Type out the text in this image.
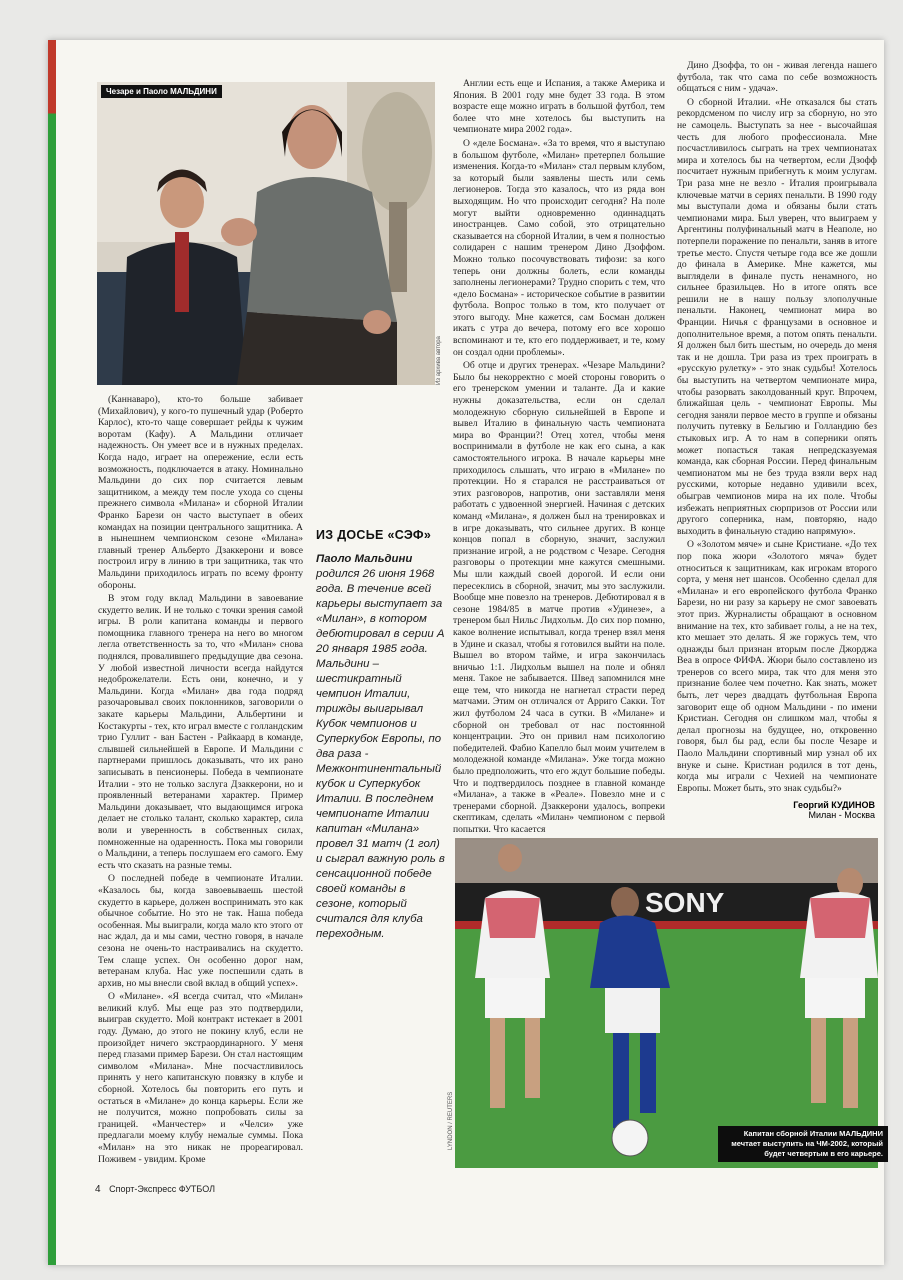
Чезаре и Паоло МАЛЬДИНИ
Из архива автора

(Каннаваро), кто-то больше забивает (Михайлович), у кого-то пушечный удар (Роберто Карлос), кто-то чаще совершает рейды к чужим воротам (Кафу). А Мальдини отличает надежность. Он умеет все и в нужных пределах. Когда надо, играет на опережение, если есть возможность, подключается в атаку. Номинально Мальдини до сих пор считается левым защитником, а между тем после ухода со сцены прежнего символа «Милана» и сборной Италии Франко Барези он часто выступает в обеих командах на позиции центрального защитника. А в нынешнем чемпионском сезоне «Милана» главный тренер Альберто Дзаккерони и вовсе построил игру в линию в три защитника, так что Мальдини приходилось играть по всему фронту обороны.

В этом году вклад Мальдини в завоевание скудетто велик. И не только с точки зрения самой игры. В роли капитана команды и первого помощника главного тренера на него во многом легла ответственность за то, что «Милан» снова поднялся, провалившего предыдущие два сезона. У любой известной личности всегда найдутся недоброжелатели. Есть они, конечно, и у Мальдини. Когда «Милан» два года подряд разочаровывал своих поклонников, заговорили о закате карьеры Мальдини, Альбертини и Костакурты - тех, кто играл вместе с голландским трио Гуллит - ван Бастен - Райкаард в команде, слывшей сильнейшей в Европе. И Мальдини с партнерами пришлось доказывать, что их рано записывать в пенсионеры. Победа в чемпионате Италии - это не только заслуга Дзаккерони, но и проявленный ветеранами характер. Пример Мальдини доказывает, что выдающимся игрока делает не столько талант, сколько характер, сила воли и уверенность в собственных силах, помноженные на одаренность. Пока мы говорили о Мальдини, а теперь послушаем его самого. Ему есть что сказать на разные темы.

О последней победе в чемпионате Италии. «Казалось бы, когда завоевываешь шестой скудетто в карьере, должен воспринимать это как обычное событие. Но это не так. Наша победа особенная. Мы выиграли, когда мало кто этого от нас ждал, да и мы сами, честно говоря, в начале сезона не очень-то настраивались на скудетто. Тем слаще успех. Он особенно дорог нам, ветеранам клуба. Нас уже поспешили сдать в архив, но мы внесли свой вклад в общий успех».

О «Милане». «Я всегда считал, что «Милан» великий клуб. Мы еще раз это подтвердили, выиграв скудетто. Мой контракт истекает в 2001 году. Думаю, до этого не покину клуб, если не произойдет ничего экстраординарного. У меня перед глазами пример Барези. Он стал настоящим символом «Милана». Мне посчастливилось принять у него капитанскую повязку в клубе и сборной. Хотелось бы повторить его путь и остаться в «Милане» до конца карьеры. Если же не получится, можно попробовать силы за границей. «Манчестер» и «Челси» уже предлагали моему клубу немалые суммы. Пока «Милан» на это никак не прореагировал. Поживем - увидим. Кроме

ИЗ ДОСЬЕ «СЭФ»
Паоло Мальдини родился 26 июня 1968 года. В течение всей карьеры выступает за «Милан», в котором дебютировал в серии А 20 января 1985 года. Мальдини – шестикратный чемпион Италии, трижды выигрывал Кубок чемпионов и Суперкубок Европы, по два раза - Межконтинентальный кубок и Суперкубок Италии. В последнем чемпионате Италии капитан «Милана» провел 31 матч (1 гол) и сыграл важную роль в сенсационной победе своей команды в сезоне, который считался для клуба переходным.

Англии есть еще и Испания, а также Америка и Япония. В 2001 году мне будет 33 года. В этом возрасте еще можно играть в большой футбол, тем более что мне хотелось бы выступить на чемпионате мира 2002 года».

О «деле Босмана». «За то время, что я выступаю в большом футболе, «Милан» претерпел большие изменения. Когда-то «Милан» стал первым клубом, за который были заявлены шесть или семь легионеров. Тогда это казалось, что из ряда вон выходящим. Но что происходит сегодня? На поле могут выйти одновременно одиннадцать иностранцев. Само собой, это отрицательно сказывается на сборной Италии, в чем я полностью солидарен с нашим тренером Дино Дзоффом. Можно только посочувствовать тифози: за кого теперь они должны болеть, если команды заполнены легионерами? Трудно спорить с тем, что «дело Босмана» - историческое событие в развитии футбола. Вопрос только в том, кто получает от этого выгоду. Мне кажется, сам Босман должен икать с утра до вечера, потому его все хорошо вспоминают и те, кто его поддерживает, и те, кому он создал одни проблемы».

Об отце и других тренерах. «Чезаре Мальдини? Было бы некорректно с моей стороны говорить о его тренерском умении и таланте. Да и какие нужны доказательства, если он сделал молодежную сборную сильнейшей в Европе и вывел Италию в финальную часть чемпионата мира во Франции?! Отец хотел, чтобы меня воспринимали в футболе не как его сына, а как самостоятельного игрока. В начале карьеры мне приходилось слышать, что играю в «Милане» по протекции. Но я старался не расстраиваться от этих разговоров, напротив, они заставляли меня работать с удвоенной энергией. Начиная с детских команд «Милана», я должен был на тренировках и в игре доказывать, что сильнее других. В конце концов попал в сборную, значит, заслужил признание игрой, а не родством с Чезаре. Сегодня разговоры о протекции мне кажутся смешными. Мы шли каждый своей дорогой. И если они пересеклись в сборной, значит, мы это заслужили. Вообще мне повезло на тренеров. Дебютировал я в сезоне 1984/85 в матче против «Удинезе», а тренером был Нильс Лидхольм. До сих пор помню, какое волнение испытывал, когда тренер взял меня в Удине и сказал, чтобы я готовился выйти на поле. Вышел во втором тайме, и игра закончилась вничью 1:1. Лидхольм вышел на поле и обнял меня. Такое не забывается. Швед запомнился мне еще тем, что никогда не нагнетал страсти перед матчами. Этим он отличался от Арриго Сакки. Тот жил футболом 24 часа в сутки. В «Милане» и сборной он требовал от нас постоянной концентрации. Это он привил нам психологию победителей. Фабио Капелло был моим учителем в молодежной команде «Милана». Уже тогда можно было предположить, что его ждут большие победы. Что и подтвердилось позднее в главной команде «Милана», а также в «Реале». Повезло мне и с тренерами сборной. Дзаккерони удалось, вопреки скептикам, сделать «Милан» чемпионом с первой попытки. Что касается

Дино Дзоффа, то он - живая легенда нашего футбола, так что сама по себе возможность общаться с ним - удача».

О сборной Италии. «Не отказался бы стать рекордсменом по числу игр за сборную, но это не самоцель. Выступать за нее - высочайшая честь для любого профессионала. Мне посчастливилось сыграть на трех чемпионатах мира и хотелось бы на четвертом, если Дзофф посчитает нужным прибегнуть к моим услугам. Три раза мне не везло - Италия проигрывала ключевые матчи в сериях пенальти. В 1990 году мы выступали дома и обязаны были стать чемпионами мира. Был уверен, что выиграем у Аргентины полуфинальный матч в Неаполе, но потерпели поражение по пенальти, заняв в итоге третье место. Спустя четыре года все же дошли до финала в Америке. Мне кажется, мы выглядели в финале пусть ненамного, но сильнее бразильцев. Но в итоге опять все решили не в нашу пользу злополучные пенальти. Наконец, чемпионат мира во Франции. Ничья с французами в основное и дополнительное время, а потом опять пенальти. Я должен был бить шестым, но очередь до меня так и не дошла. Три раза из трех проиграть в «русскую рулетку» - это знак судьбы! Хотелось бы выступить на четвертом чемпионате мира, чтобы разорвать заколдованный круг. Впрочем, ближайшая цель - чемпионат Европы. Мы сегодня заняли первое место в группе и обязаны получить путевку в Бельгию и Голландию без стыковых игр. А то нам в соперники опять может попасться такая непредсказуемая команда, как сборная России. Перед финальным чемпионатом мы не без труда взяли верх над русскими, которые недавно удивили всех, обыграв чемпионов мира на их поле. Чтобы избежать неприятных сюрпризов от России или другого соперника, нам, повторяю, надо выходить в финальную стадию напрямую».

О «Золотом мяче» и сыне Кристиане. «До тех пор пока жюри «Золотого мяча» будет относиться к защитникам, как игрокам второго сорта, у меня нет шансов. Особенно сделал для «Милана» и его европейского футбола Франко Барези, но ни разу за карьеру не смог завоевать этот приз. Журналисты обращают в основном внимание на тех, кто забивает голы, а не на тех, кто мешает это делать. Я же горжусь тем, что однажды был признан вторым после Джорджа Веа в опросе ФИФА. Жюри было составлено из тренеров со всего мира, так что для меня это признание более чем почетно. Как знать, может быть, лет через двадцать футбольная Европа заговорит еще об одном Мальдини - по имени Кристиан. Сегодня он слишком мал, чтобы я делал прогнозы на будущее, но, откровенно говоря, был бы рад, если бы после Чезаре и Паоло Мальдини спортивный мир узнал об их внуке и сыне. Кристиан родился в тот день, когда мы играли с Чехией на чемпионате Европы. Может быть, это знак судьбы?»

Георгий КУДИНОВ
Милан - Москва
SONY
LYNDON / REUTERS	Капитан сборной Италии МАЛЬДИНИ мечтает выступить на ЧМ-2002, который будет четвертым в его карьере.
4 Спорт-Экспресс ФУТБОЛ
